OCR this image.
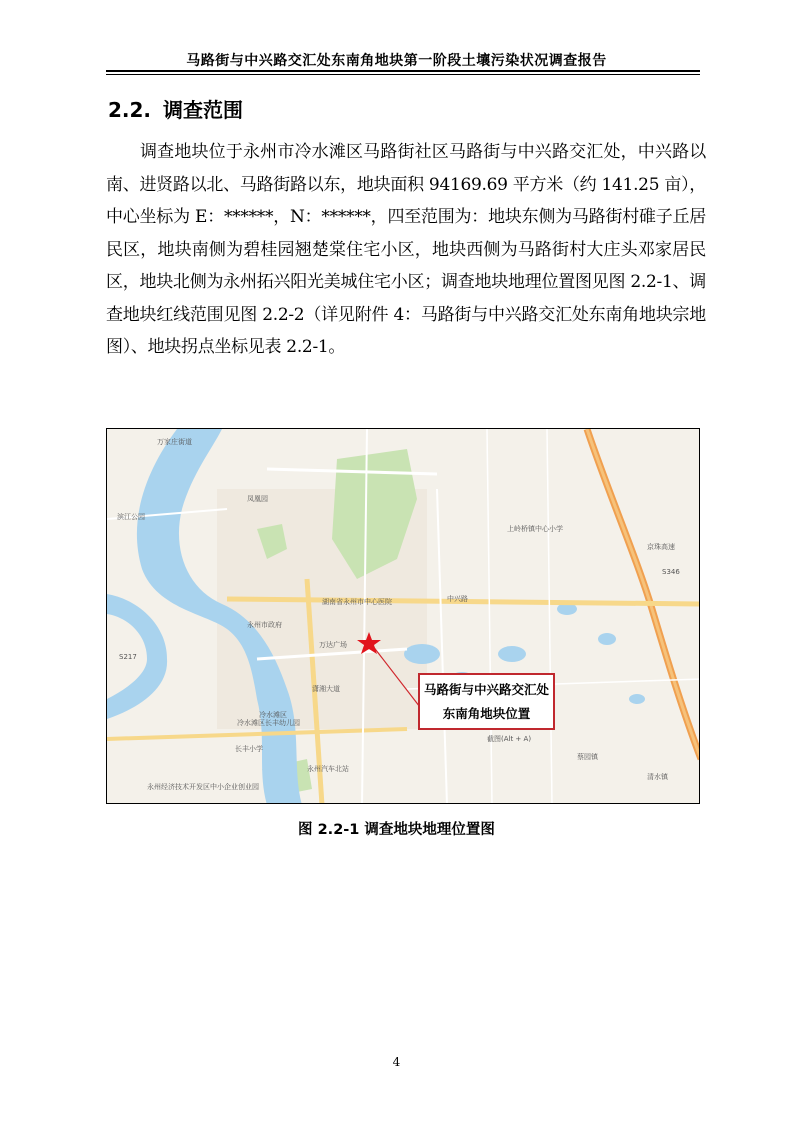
马路街与中兴路交汇处东南角地块第一阶段土壤污染状况调查报告
2.2. 调查范围
调查地块位于永州市冷水滩区马路街社区马路街与中兴路交汇处，中兴路以南、进贤路以北、马路街路以东，地块面积 94169.69 平方米（约 141.25 亩），中心坐标为 E：******，N：******，四至范围为：地块东侧为马路街村碓子丘居民区，地块南侧为碧桂园翘楚棠住宅小区，地块西侧为马路街村大庄头邓家居民区，地块北侧为永州拓兴阳光美城住宅小区；调查地块地理位置图见图 2.2-1、调查地块红线范围见图 2.2-2（详见附件 4：马路街与中兴路交汇处东南角地块宗地图）、地块拐点坐标见表 2.2-1。
万家庄街道
永州市政府
凤凰园
冷水滩区
万达广场
冷水滩区长丰幼儿园
上岭桥镇中心小学
长丰小学
永州汽车北站
中兴路
京珠高速
潇湘大道
永州经济技术开发区中小企业创业园
清水镇
蔡园镇
滨江公园
S217
S346
截图(Alt + A)
湖南省永州市中心医院
马路街与中兴路交汇处
东南角地块位置
图 2.2-1 调查地块地理位置图
4
